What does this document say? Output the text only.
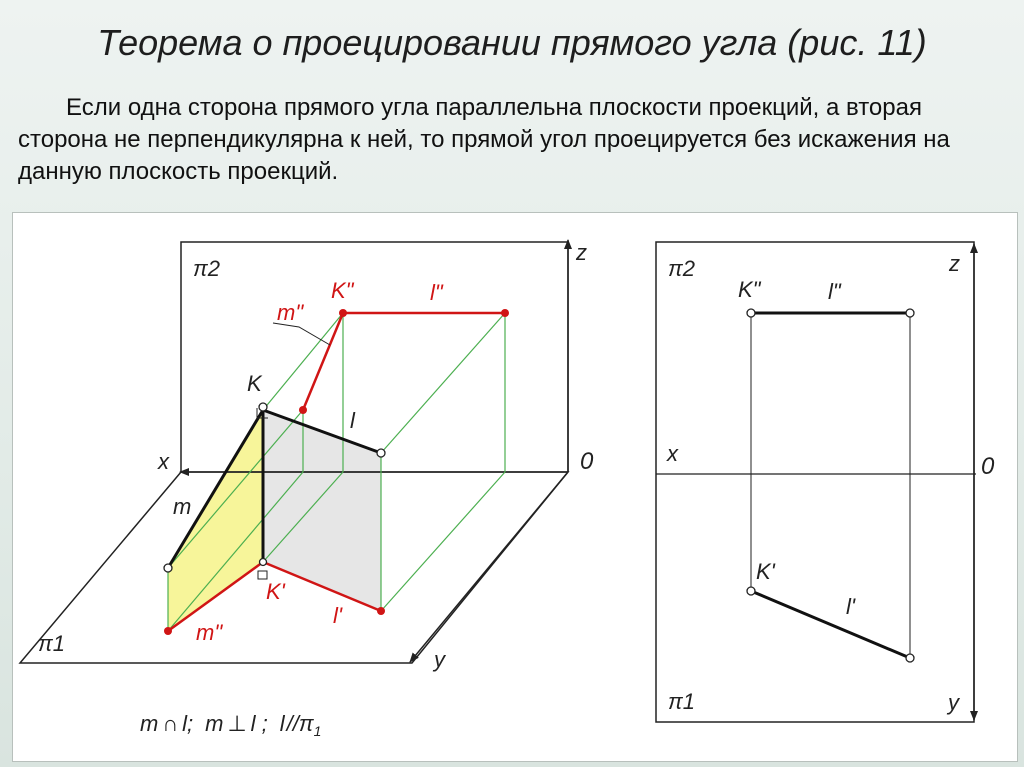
Теорема о проецировании прямого угла (рис. 11)

Если одна сторона прямого угла параллельна плоскости проекций, а вторая сторона не перпендикулярна к ней, то прямой угол проецируется без искажения на данную плоскость проекций.

π2
π1
x
y
z
0
K
l
m
K"	l"
m"
K'
l'
m"
π2
π1
x
z
y
0
K"	l"
K'
l'
m ∩ l; m ⊥ l ; $l//\pi_1$
